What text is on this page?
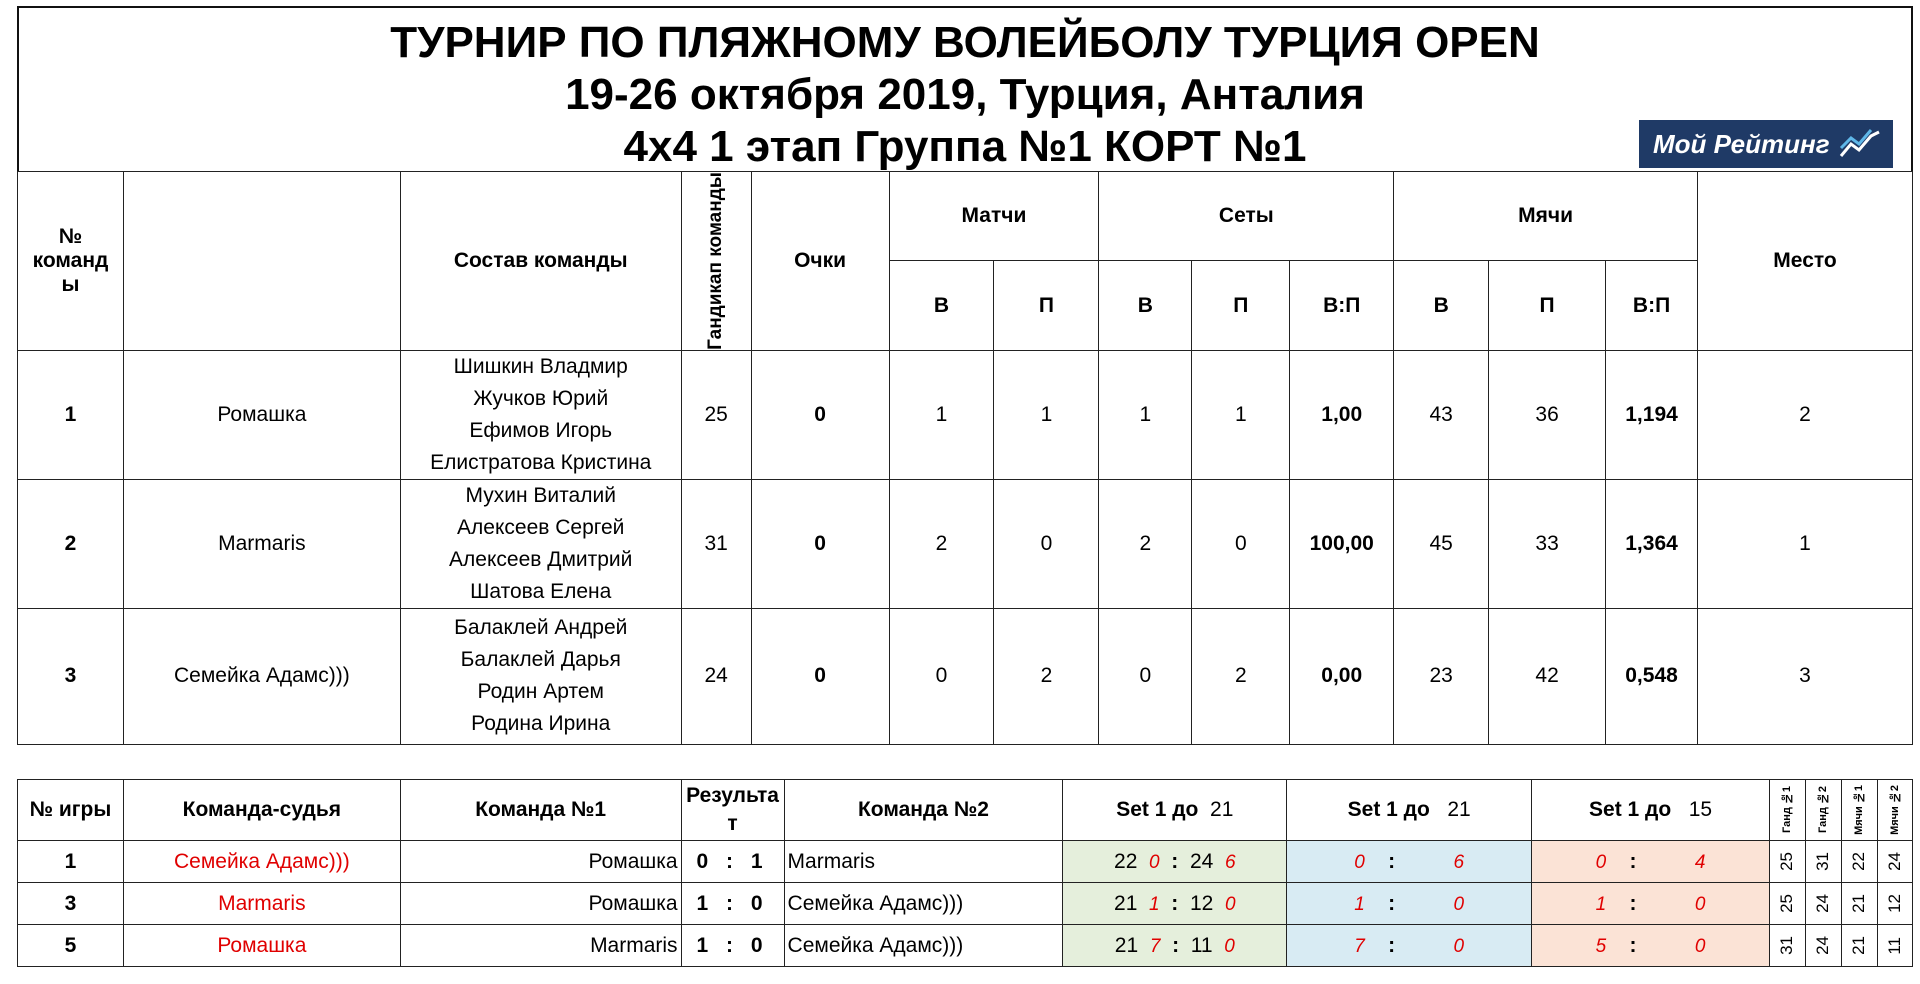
ТУРНИР ПО ПЛЯЖНОМУ ВОЛЕЙБОЛУ ТУРЦИЯ OPEN
19-26 октября 2019, Турция, Анталия
4х4 1 этап Группа №1 КОРТ №1	Мой Рейтинг
№ команд ы		Состав команды	Гандикап команды	Очки	Матчи		Сеты			Мячи			Место
					В	П	В	П	В:П	В	П	В:П	
1	Ромашка	Шишкин Владмир
Жучков Юрий
Ефимов Игорь
Елистратова Кристина	25	0	1	1	1	1	1,00	43	36	1,194	2
2	Marmaris	Мухин Виталий
Алексеев Сергей
Алексеев Дмитрий
Шатова Елена	31	0	2	0	2	0	100,00	45	33	1,364	1
3	Семейка Адамс)))	Балаклей Андрей
Балаклей Дарья
Родин Артем
Родина Ирина	24	0	0	2	0	2	0,00	23	42	0,548	3
№ игры	Команда-судья	Команда №1	Результа т	Команда №2	Set 1 до 21	Set 1 до 21	Set 1 до 15	Ганд №1	Ганд №2	Мячи №1	Мячи №2

1	Семейка Адамс)))	Ромашка	0 : 1	Marmaris	22 0 : 24 6	0 : 6	0 : 4	25	31	22	24

3	Marmaris	Ромашка	1 : 0	Семейка Адамс)))	21 1 : 12 0	1 : 0	1 : 0	25	24	21	12

5	Ромашка	Marmaris	1 : 0	Семейка Адамс)))	21 7 : 11 0	7 : 0	5 : 0	31	24	21	11
